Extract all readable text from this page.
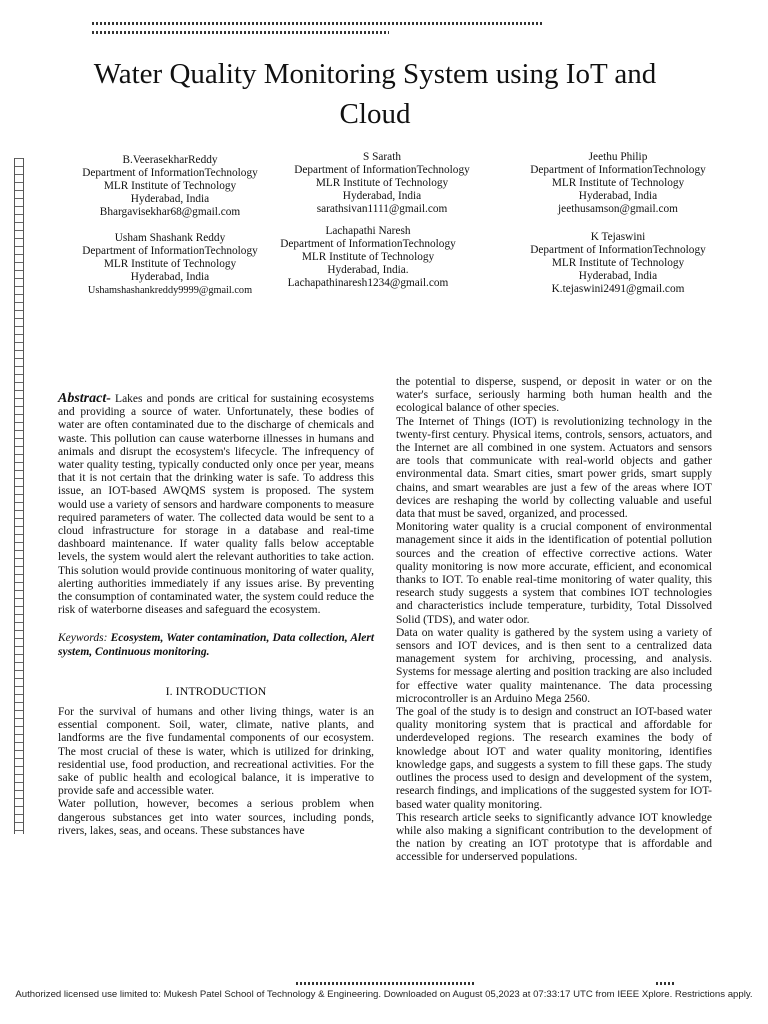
Water Quality Monitoring System using IoT and Cloud
B.VeerasekharReddy
Department of InformationTechnology
MLR Institute of Technology
Hyderabad, India
Bhargavisekhar68@gmail.com
S Sarath
Department of InformationTechnology
MLR Institute of Technology
Hyderabad, India
sarathsivan1111@gmail.com
Jeethu Philip
Department of InformationTechnology
MLR Institute of Technology
Hyderabad, India
jeethusamson@gmail.com
Usham Shashank Reddy
Department of InformationTechnology
MLR Institute of Technology
Hyderabad, India
Ushamshashankreddy9999@gmail.com
Lachapathi Naresh
Department of InformationTechnology
MLR Institute of Technology
Hyderabad, India.
Lachapathinaresh1234@gmail.com
K Tejaswini
Department of InformationTechnology
MLR Institute of Technology
Hyderabad, India
K.tejaswini2491@gmail.com

Abstract- Lakes and ponds are critical for sustaining ecosystems and providing a source of water. Unfortunately, these bodies of water are often contaminated due to the discharge of chemicals and waste. This pollution can cause waterborne illnesses in humans and animals and disrupt the ecosystem's lifecycle. The infrequency of water quality testing, typically conducted only once per year, means that it is not certain that the drinking water is safe. To address this issue, an IOT-based AWQMS system is proposed. The system would use a variety of sensors and hardware components to measure required parameters of water. The collected data would be sent to a cloud infrastructure for storage in a database and real-time dashboard maintenance. If water quality falls below acceptable levels, the system would alert the relevant authorities to take action. This solution would provide continuous monitoring of water quality, alerting authorities immediately if any issues arise. By preventing the consumption of contaminated water, the system could reduce the risk of waterborne diseases and safeguard the ecosystem.

Keywords: Ecosystem, Water contamination, Data collection, Alert system, Continuous monitoring.

I. INTRODUCTION

For the survival of humans and other living things, water is an essential component. Soil, water, climate, native plants, and landforms are the five fundamental components of our ecosystem. The most crucial of these is water, which is utilized for drinking, residential use, food production, and recreational activities. For the sake of public health and ecological balance, it is imperative to provide safe and accessible water.

Water pollution, however, becomes a serious problem when dangerous substances get into water sources, including ponds, rivers, lakes, seas, and oceans. These substances have

the potential to disperse, suspend, or deposit in water or on the water's surface, seriously harming both human health and the ecological balance of other species.

The Internet of Things (IOT) is revolutionizing technology in the twenty-first century. Physical items, controls, sensors, actuators, and the Internet are all combined in one system. Actuators and sensors are tools that communicate with real-world objects and gather environmental data. Smart cities, smart power grids, smart supply chains, and smart wearables are just a few of the areas where IOT devices are reshaping the world by collecting valuable and useful data that must be saved, organized, and processed.

Monitoring water quality is a crucial component of environmental management since it aids in the identification of potential pollution sources and the creation of effective corrective actions. Water quality monitoring is now more accurate, efficient, and economical thanks to IOT. To enable real-time monitoring of water quality, this research study suggests a system that combines IOT technologies and characteristics include temperature, turbidity, Total Dissolved Solid (TDS), and water odor.

Data on water quality is gathered by the system using a variety of sensors and IOT devices, and is then sent to a centralized data management system for archiving, processing, and analysis. Systems for message alerting and position tracking are also included for effective water quality maintenance. The data processing microcontroller is an Arduino Mega 2560.

The goal of the study is to design and construct an IOT-based water quality monitoring system that is practical and affordable for underdeveloped regions. The research examines the body of knowledge about IOT and water quality monitoring, identifies knowledge gaps, and suggests a system to fill these gaps. The study outlines the process used to design and development of the system, research findings, and implications of the suggested system for IOT-based water quality monitoring.

This research article seeks to significantly advance IOT knowledge while also making a significant contribution to the development of the nation by creating an IOT prototype that is affordable and accessible for underserved populations.

Authorized licensed use limited to: Mukesh Patel School of Technology & Engineering. Downloaded on August 05,2023 at 07:33:17 UTC from IEEE Xplore. Restrictions apply.
